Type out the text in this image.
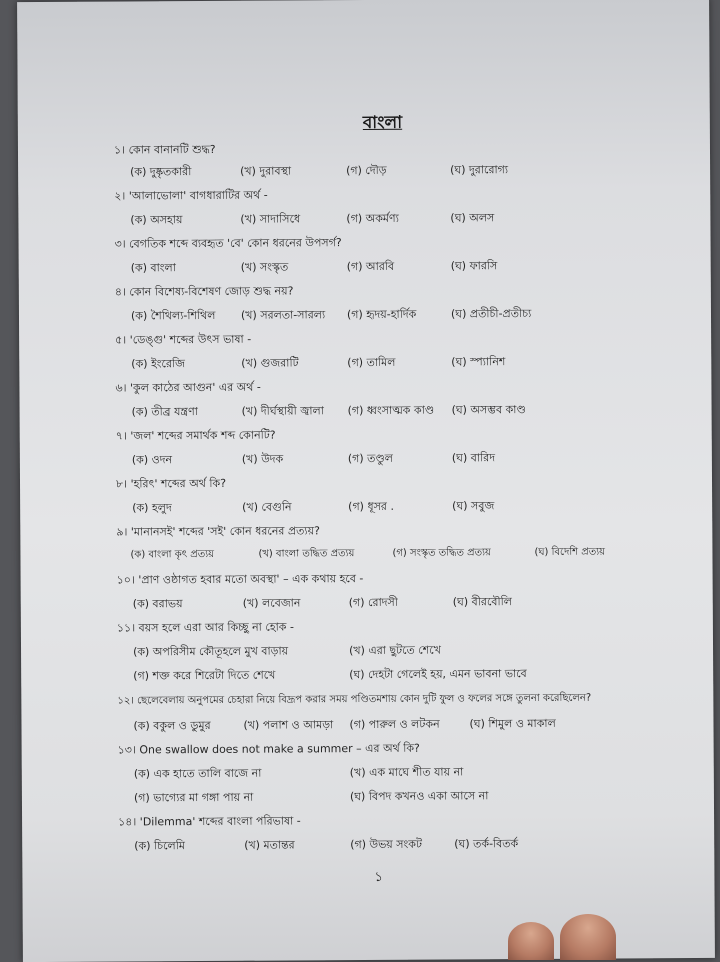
বাংলা
১। কোন বানানটি শুদ্ধ?
(ক) দুষ্কৃতকারী	(খ) দুরাবস্থা	(গ) দৌড়	(ঘ) দুরারোগ্য
২। 'আলাভোলা' বাগধারাটির অর্থ -
(ক) অসহায়	(খ) সাদাসিধে	(গ) অকর্মণ্য	(ঘ) অলস
৩। বেগতিক শব্দে ব্যবহৃত 'বে' কোন ধরনের উপসর্গ?
(ক) বাংলা	(খ) সংস্কৃত	(গ) আরবি	(ঘ) ফারসি
৪। কোন বিশেষ্য-বিশেষণ জোড় শুদ্ধ নয়?
(ক) শৈথিল্য-শিথিল (খ) সরলতা-সারল্য (গ) হৃদয়-হার্দিক	(ঘ) প্রতীচী-প্রতীচ্য
৫। 'ডেঙ্গু' শব্দের উৎস ভাষা -
(ক) ইংরেজি	(খ) গুজরাটি	(গ) তামিল	(ঘ) স্প্যানিশ
৬। 'কুল কাঠের আগুন' এর অর্থ -
(ক) তীব্র যন্ত্রণা	(খ) দীর্ঘস্থায়ী জ্বালা (গ) ধ্বংসাত্মক কাণ্ড (ঘ) অসম্ভব কাণ্ড
৭। 'জল' শব্দের সমার্থক শব্দ কোনটি?
(ক) ওদন	(খ) উদক	(গ) তণ্ডুল	(ঘ) বারিদ
৮। 'হরিৎ' শব্দের অর্থ কি?
(ক) হলুদ	(খ) বেগুনি	(গ) ধূসর .	(ঘ) সবুজ
৯। 'মানানসই' শব্দের 'সই' কোন ধরনের প্রত্যয়?
(ক) বাংলা কৃৎ প্রত্যয়	(খ) বাংলা তদ্ধিত প্রত্যয়	(গ) সংস্কৃত তদ্ধিত প্রত্যয়	(ঘ) বিদেশি প্রত্যয়
১০। 'প্রাণ ওষ্ঠাগত হবার মতো অবস্থা' – এক কথায় হবে -
(ক) বরাভয়	(খ) লবেজান	(গ) রোদসী	(ঘ) বীরবৌলি
১১। বয়স হলে এরা আর কিচ্ছু না হোক -
(ক) অপরিসীম কৌতূহলে মুখ বাড়ায়	(খ) এরা ছুটতে শেখে
(গ) শক্ত করে শিরেটা দিতে শেখে	(ঘ) দেহটা গেলেই হয়, এমন ভাবনা ভাবে
১২। ছেলেবেলায় অনুপমের চেহারা নিয়ে বিদ্রূপ করার সময় পণ্ডিতমশায় কোন দুটি ফুল ও ফলের সঙ্গে তুলনা করেছিলেন?
(ক) বকুল ও ডুমুর	(খ) পলাশ ও আমড়া (গ) পারুল ও লটকন	(ঘ) শিমুল ও মাকাল
১৩। One swallow does not make a summer – এর অর্থ কি?
(ক) এক হাতে তালি বাজে না	(খ) এক মাঘে শীত যায় না
(গ) ভাগ্যের মা গঙ্গা পায় না	(ঘ) বিপদ কখনও একা আসে না
১৪। 'Dilemma' শব্দের বাংলা পরিভাষা -
(ক) চিলেমি	(খ) মতান্তর	(গ) উভয় সংকট	(ঘ) তর্ক-বিতর্ক
১
